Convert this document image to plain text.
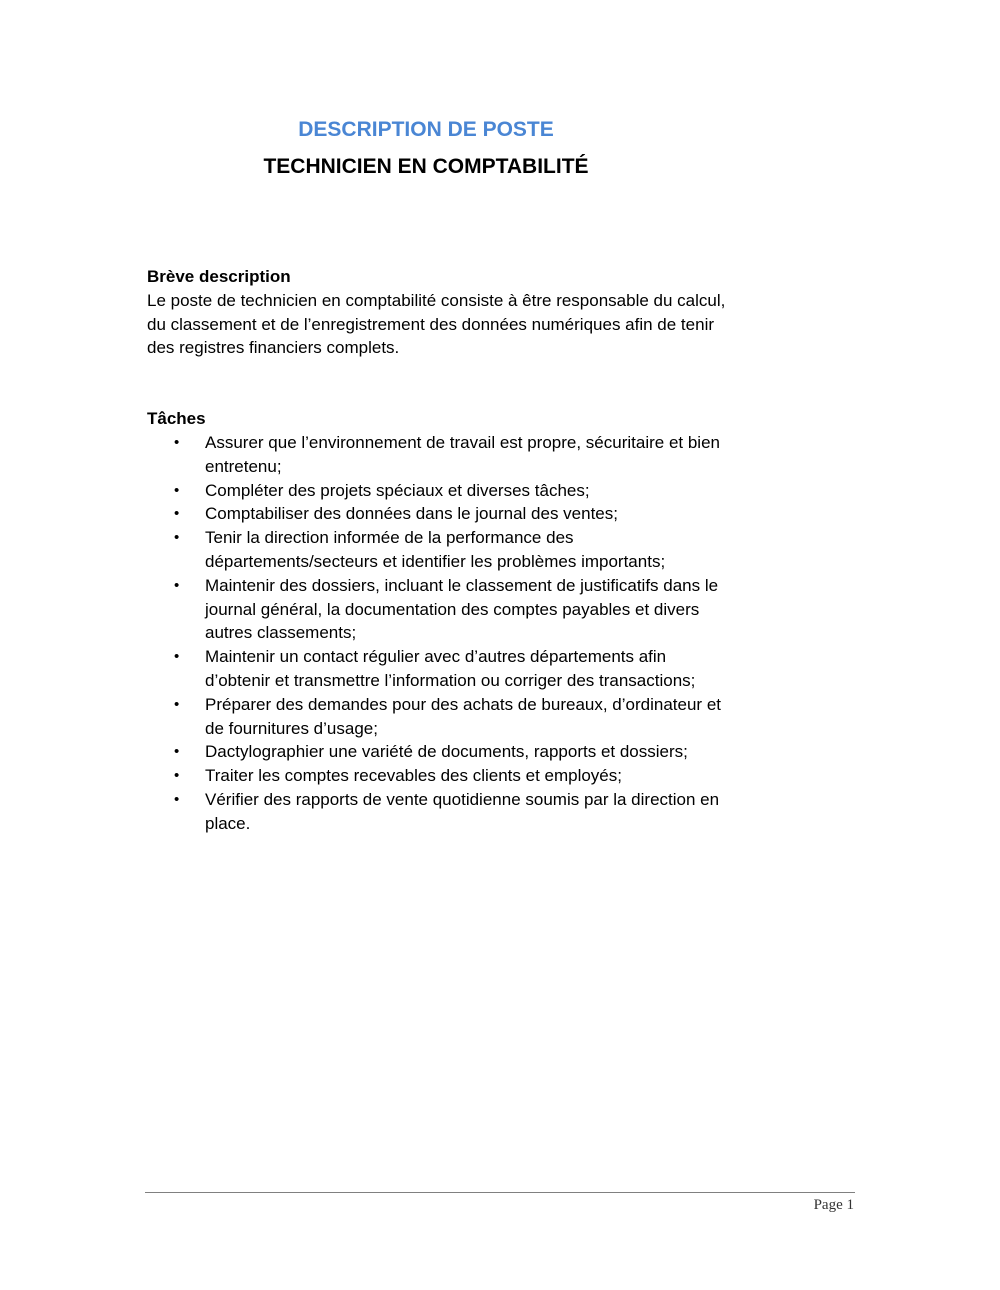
DESCRIPTION DE POSTE
TECHNICIEN EN COMPTABILITÉ
Brève description

Le poste de technicien en comptabilité consiste à être responsable du calcul, du classement et de l’enregistrement des données numériques afin de tenir des registres financiers complets.

Tâches
• Assurer que l’environnement de travail est propre, sécuritaire et bien entretenu;
• Compléter des projets spéciaux et diverses tâches;
• Comptabiliser des données dans le journal des ventes;
• Tenir la direction informée de la performance des départements/secteurs et identifier les problèmes importants;
• Maintenir des dossiers, incluant le classement de justificatifs dans le journal général, la documentation des comptes payables et divers autres classements;
• Maintenir un contact régulier avec d’autres départements afin d’obtenir et transmettre l’information ou corriger des transactions;
• Préparer des demandes pour des achats de bureaux, d’ordinateur et de fournitures d’usage;
• Dactylographier une variété de documents, rapports et dossiers;
• Traiter les comptes recevables des clients et employés;
• Vérifier des rapports de vente quotidienne soumis par la direction en place.
Page 1
